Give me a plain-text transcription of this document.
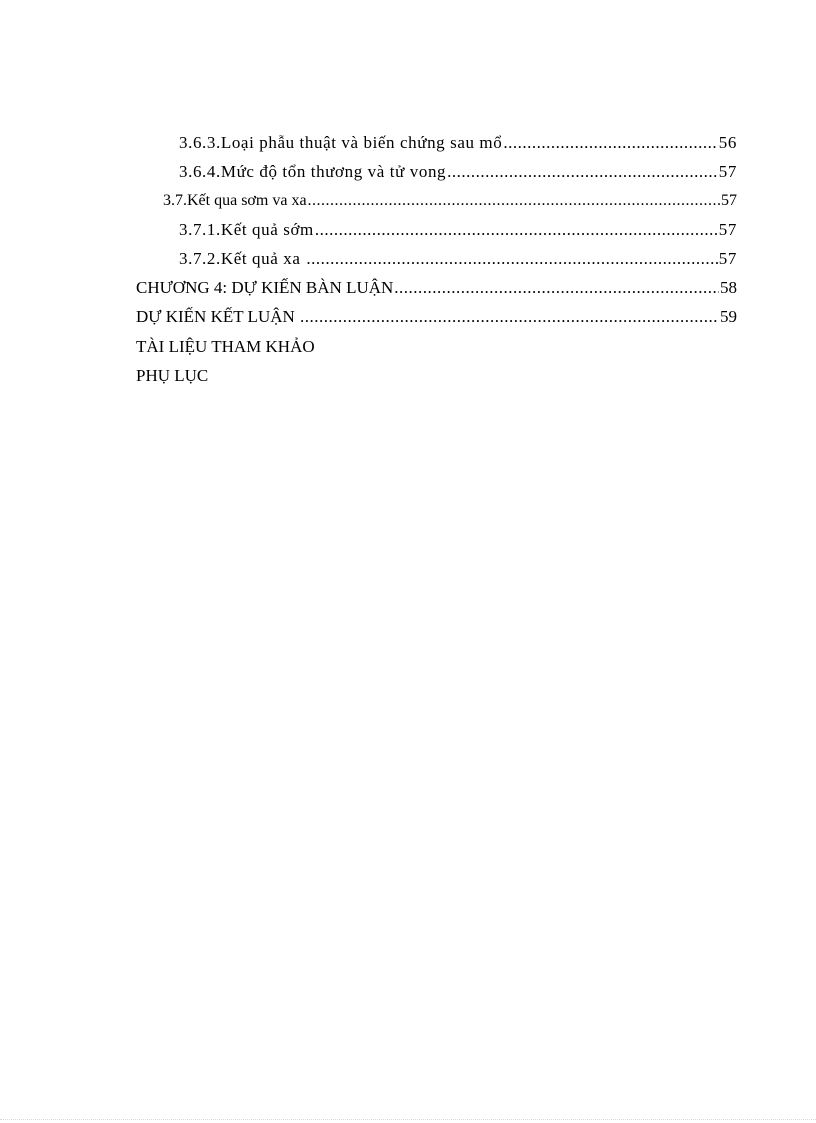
3.6.3.Loại phẫu thuật và biến chứng sau mổ .....	56
3.6.4.Mức độ tổn thương và tử vong .....	57
3.7.Kết qua sơm va xa .....	57
3.7.1.Kết quả sớm .....	57
3.7.2.Kết quả xa .....	57
CHƯƠNG 4: DỰ KIẾN BÀN LUẬN .....	58
DỰ KIẾN KẾT LUẬN .....	59
TÀI LIỆU THAM KHẢO
PHỤ LỤC
